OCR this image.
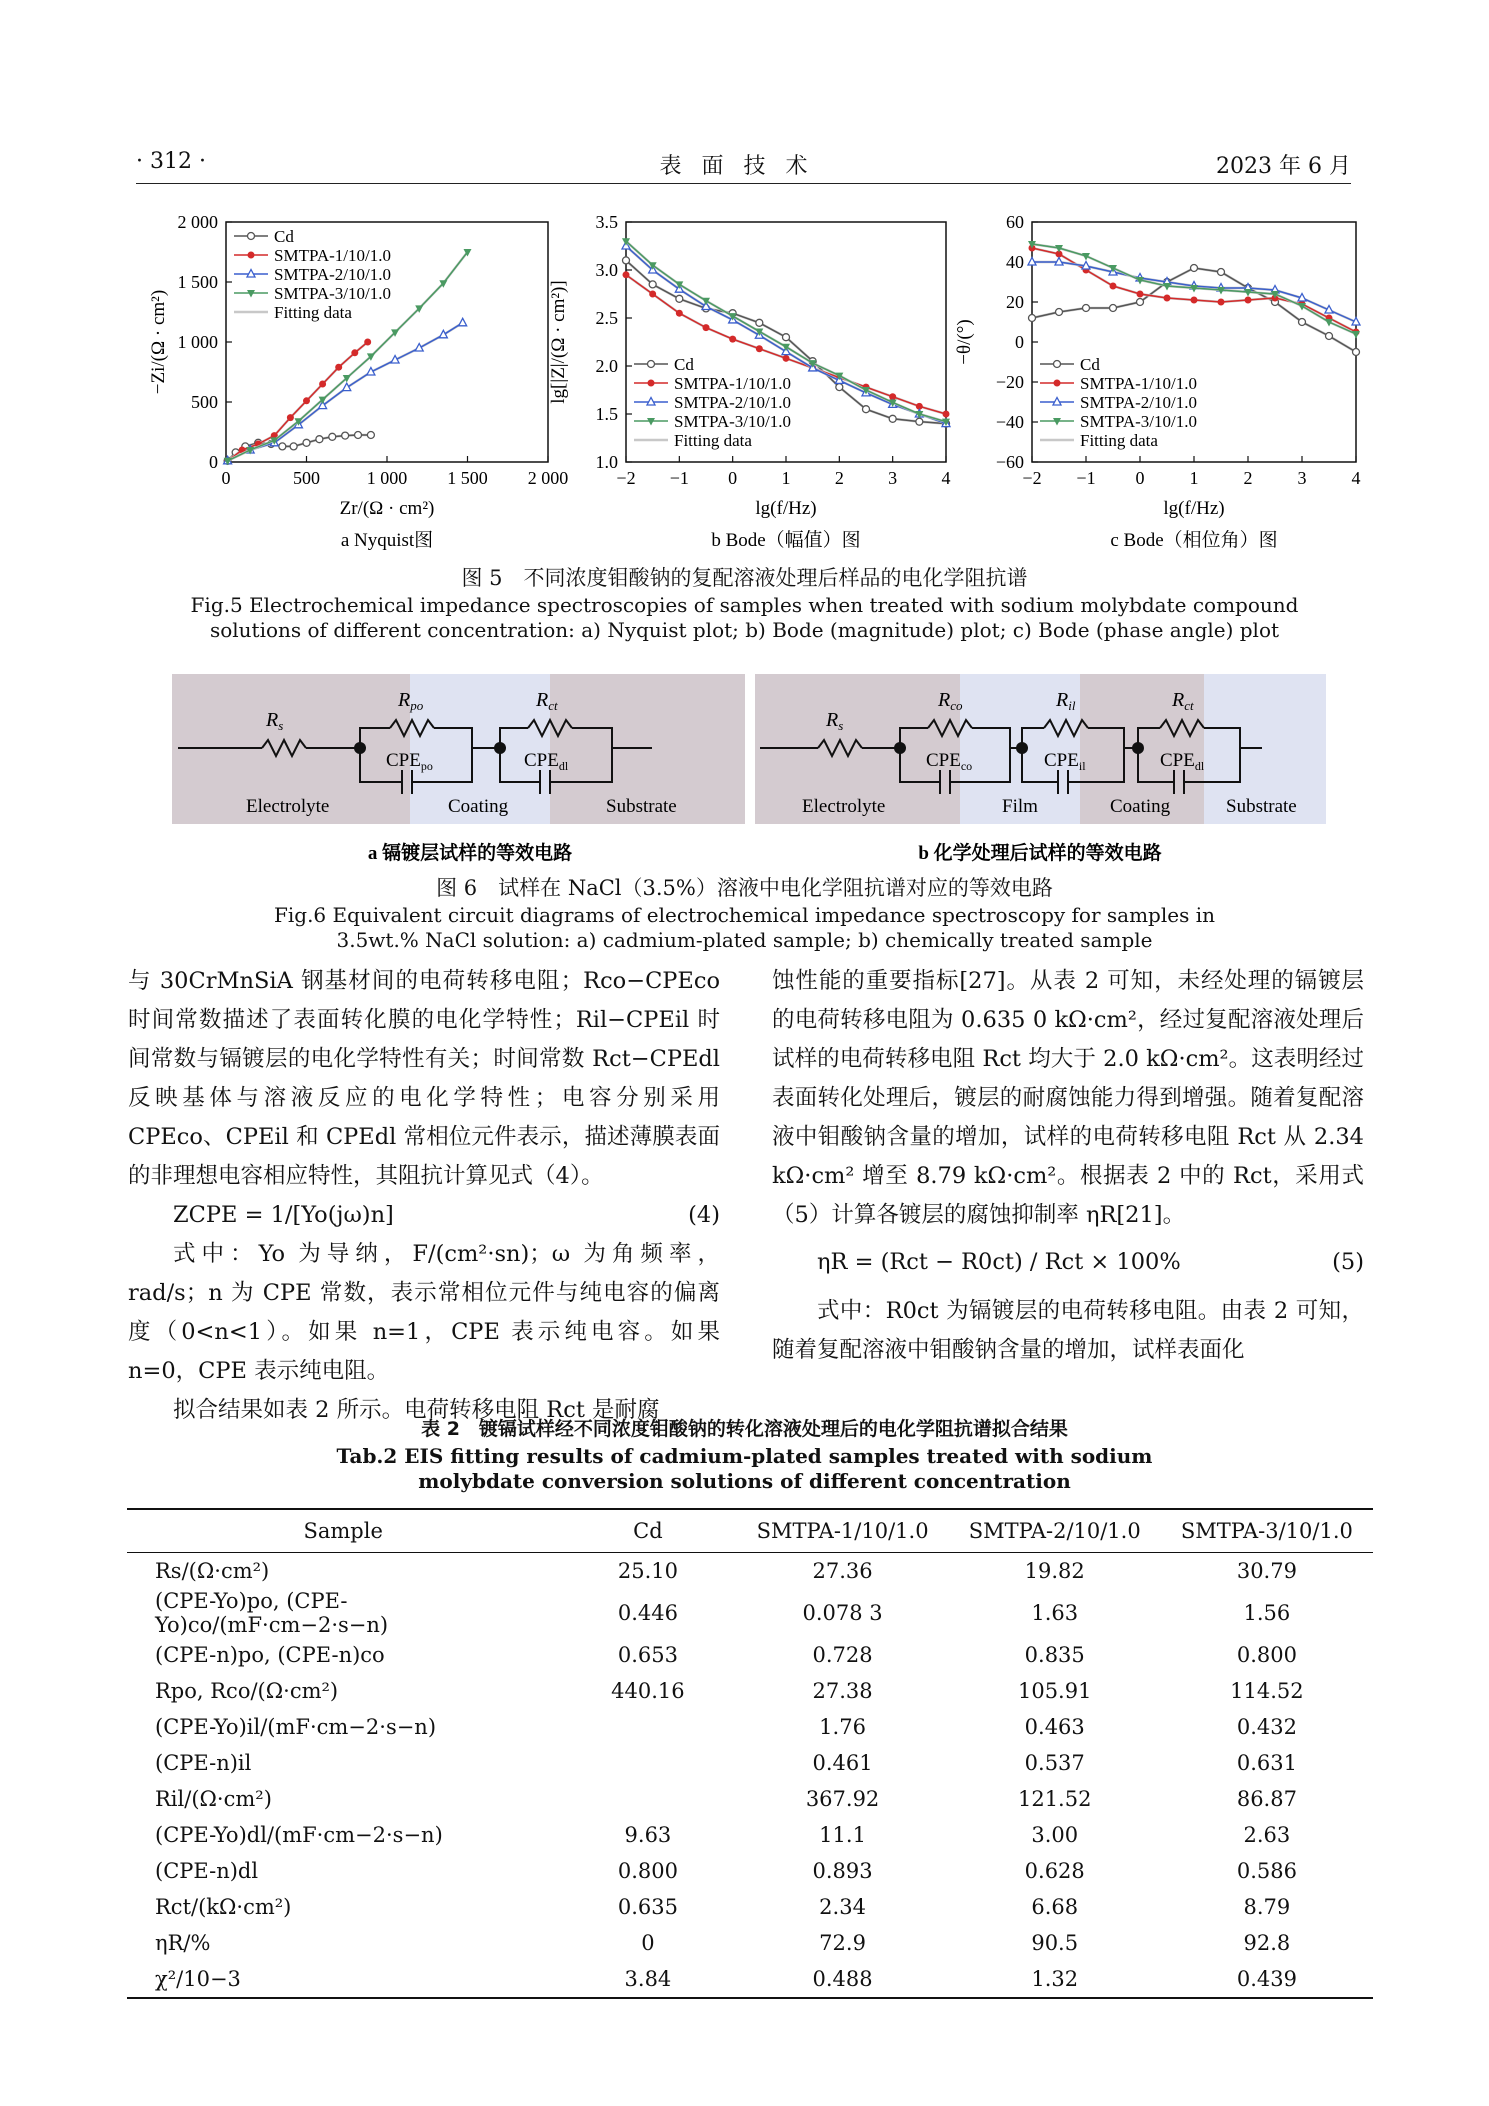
· 312 ·	表面技术	2023 年 6 月
0	500	1 000 1 500 2 000
0
500
1 000
1 500
2 000
Zr/(Ω · cm²)
−Zi/(Ω · cm²)
a Nyquist图
Cd
SMTPA-1/10/1.0
SMTPA-2/10/1.0
SMTPA-3/10/1.0
Fitting data
−2 −1 0 1 2 3 4
1.0
1.5
2.0
2.5
3.0
3.5
lg(f/Hz)
lg[|Z|/(Ω · cm²)]
b Bode（幅值）图
Cd
SMTPA-1/10/1.0
SMTPA-2/10/1.0
SMTPA-3/10/1.0
Fitting data
−2 −1 0	1	2	3	4
60
40
20
0
−20
−40
−60
lg(f/Hz)
−θ/(°)
c Bode（相位角）图
Cd
SMTPA-1/10/1.0
SMTPA-2/10/1.0
SMTPA-3/10/1.0
Fitting data
图 5　不同浓度钼酸钠的复配溶液处理后样品的电化学阻抗谱
Fig.5 Electrochemical impedance spectroscopies of samples when treated with sodium molybdate compound
solutions of different concentration: a) Nyquist plot; b) Bode (magnitude) plot; c) Bode (phase angle) plot
$R_s$
$R_{po}$	$R_{ct}$
$CPE_{po}$	$CPE_{dl}$
Electrolyte	Coating	Substrate
$R_s$
$R_{co}$	$R_{il}$	$R_{ct}$
$CPE_{co}$	$CPE_{il}$	$CPE_{dl}$
Electrolyte	Film	Coating	Substrate
a 镉镀层试样的等效电路	b 化学处理后试样的等效电路
图 6　试样在 NaCl（3.5%）溶液中电化学阻抗谱对应的等效电路
Fig.6 Equivalent circuit diagrams of electrochemical impedance spectroscopy for samples in
3.5wt.% NaCl solution: a) cadmium-plated sample; b) chemically treated sample

与 30CrMnSiA 钢基材间的电荷转移电阻；Rco−CPEco 时间常数描述了表面转化膜的电化学特性；Ril−CPEil 时间常数与镉镀层的电化学特性有关；时间常数 Rct−CPEdl 反映基体与溶液反应的电化学特性；电容分别采用 CPEco、CPEil 和 CPEdl 常相位元件表示，描述薄膜表面的非理想电容相应特性，其阻抗计算见式（4）。

ZCPE = 1/[Yo(jω)n]	(4)

式中：Yo 为导纳，F/(cm²·sn)；ω 为角频率，rad/s；n 为 CPE 常数，表示常相位元件与纯电容的偏离度（0<n<1）。如果 n=1，CPE 表示纯电容。如果 n=0，CPE 表示纯电阻。

拟合结果如表 2 所示。电荷转移电阻 Rct 是耐腐

蚀性能的重要指标[27]。从表 2 可知，未经处理的镉镀层的电荷转移电阻为 0.635 0 kΩ·cm²，经过复配溶液处理后试样的电荷转移电阻 Rct 均大于 2.0 kΩ·cm²。这表明经过表面转化处理后，镀层的耐腐蚀能力得到增强。随着复配溶液中钼酸钠含量的增加，试样的电荷转移电阻 Rct 从 2.34 kΩ·cm² 增至 8.79 kΩ·cm²。根据表 2 中的 Rct，采用式（5）计算各镀层的腐蚀抑制率 ηR[21]。

ηR = (Rct − R0ct) / Rct × 100%	(5)

式中：R0ct 为镉镀层的电荷转移电阻。由表 2 可知，随着复配溶液中钼酸钠含量的增加，试样表面化

表 2　镀镉试样经不同浓度钼酸钠的转化溶液处理后的电化学阻抗谱拟合结果
Tab.2 EIS fitting results of cadmium-plated samples treated with sodium
molybdate conversion solutions of different concentration
Sample	Cd	SMTPA-1/10/1.0	SMTPA-2/10/1.0	SMTPA-3/10/1.0
Rs/(Ω·cm²)	25.10	27.36	19.82	30.79
(CPE-Yo)po, (CPE-Yo)co/(mF·cm−2·s−n)	0.446	0.078 3	1.63	1.56
(CPE-n)po, (CPE-n)co	0.653	0.728	0.835	0.800
Rpo, Rco/(Ω·cm²)	440.16	27.38	105.91	114.52
(CPE-Yo)il/(mF·cm−2·s−n)		1.76	0.463	0.432
(CPE-n)il		0.461	0.537	0.631
Ril/(Ω·cm²)		367.92	121.52	86.87
(CPE-Yo)dl/(mF·cm−2·s−n)	9.63	11.1	3.00	2.63
(CPE-n)dl	0.800	0.893	0.628	0.586
Rct/(kΩ·cm²)	0.635	2.34	6.68	8.79
ηR/%	0	72.9	90.5	92.8
χ²/10−3	3.84	0.488	1.32	0.439
